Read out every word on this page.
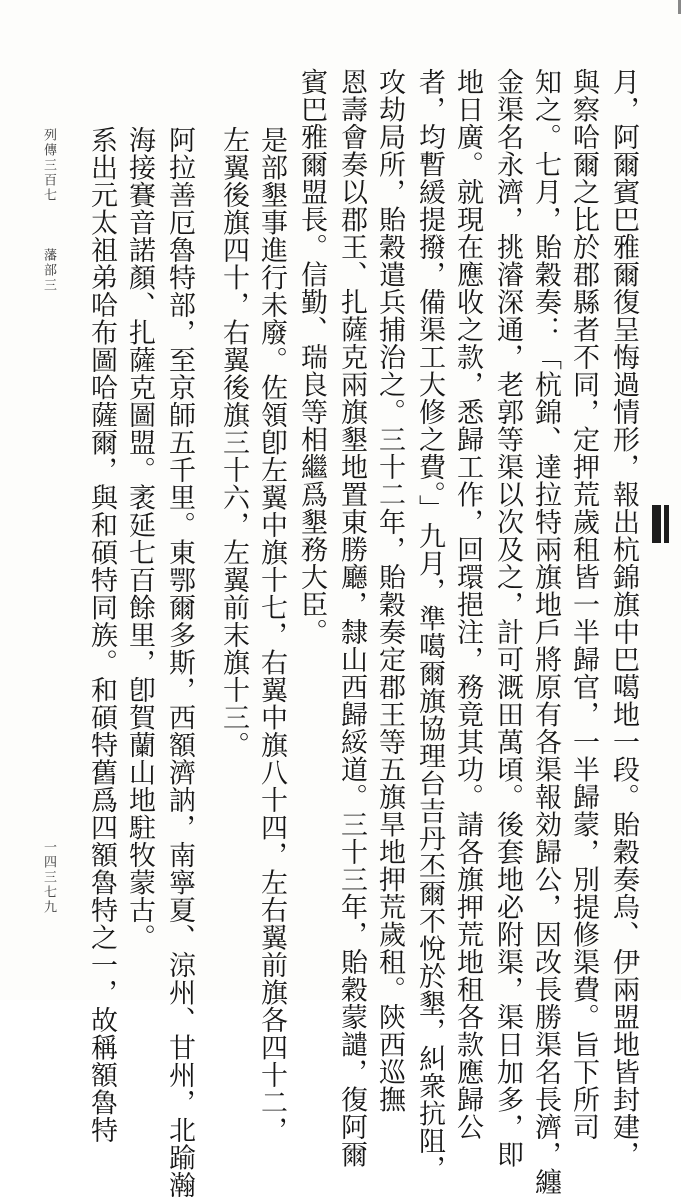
月，阿爾賓巴雅爾復呈悔過情形，報出杭錦旗中巴噶地一段。貽穀奏烏、伊兩盟地皆封建，
與察哈爾之比於郡縣者不同，定押荒歲租皆一半歸官，一半歸蒙，別提修渠費。旨下所司
知之。七月，貽穀奏：「杭錦、達拉特兩旗地戶將原有各渠報効歸公，因改長勝渠名長濟，纏
金渠名永濟，挑濬深通，老郭等渠以次及之，計可溉田萬頃。後套地必附渠，渠日加多，即
地日廣。就現在應收之款，悉歸工作，回環挹注，務竟其功。請各旗押荒地租各款應歸公
者，均暫緩提撥，備渠工大修之費。」九月，準噶爾旗協理台吉丹丕爾不悅於墾，糾衆抗阻，
攻劫局所，貽穀遣兵捕治之。三十二年，貽穀奏定郡王等五旗旱地押荒歲租。陝西巡撫
恩壽會奏以郡王、扎薩克兩旗墾地置東勝廳，隸山西歸綏道。三十三年，貽穀蒙譴，復阿爾
賓巴雅爾盟長。信勤、瑞良等相繼爲墾務大臣。
是部墾事進行未廢。佐領卽左翼中旗十七，右翼中旗八十四，左右翼前旗各四十二，
左翼後旗四十，右翼後旗三十六，左翼前末旗十三。
阿拉善厄魯特部，至京師五千里。東鄂爾多斯，西額濟訥，南寧夏、涼州、甘州，北踰瀚
海接賽音諾顏、扎薩克圖盟。袤延七百餘里，卽賀蘭山地駐牧蒙古。
系出元太祖弟哈布圖哈薩爾，與和碩特同族。和碩特舊爲四額魯特之一，故稱額魯特
列傳三百七
藩部三
一四三七九
